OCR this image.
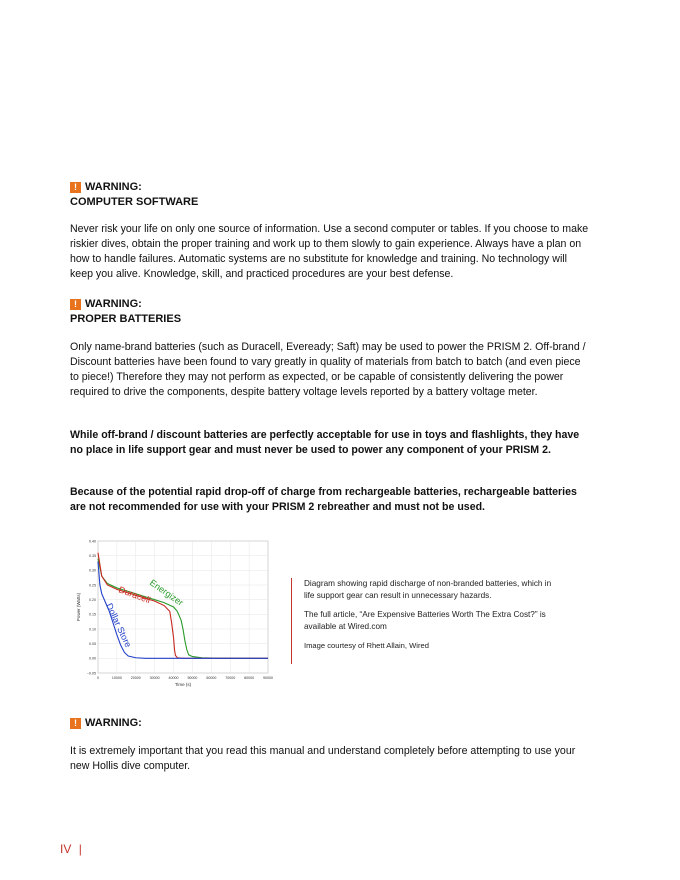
! WARNING:
COMPUTER SOFTWARE
Never risk your life on only one source of information. Use a second computer or tables. If you choose to make riskier dives, obtain the proper training and work up to them slowly to gain experience. Always have a plan on how to handle failures. Automatic systems are no substitute for knowledge and training. No technology will keep you alive. Knowledge, skill, and practiced procedures are your best defense.
! WARNING:
PROPER BATTERIES
Only name-brand batteries (such as Duracell, Eveready; Saft) may be used to power the PRISM 2. Off-brand / Discount batteries have been found to vary greatly in quality of materials from batch to batch (and even piece to piece!) Therefore they may not perform as expected, or be capable of consistently delivering the power required to drive the components, despite battery voltage levels reported by a battery voltage meter.
While off-brand / discount batteries are perfectly acceptable for use in toys and flashlights, they have no place in life support gear and must never be used to power any component of your PRISM 2.
Because of the potential rapid drop-off of charge from rechargeable batteries, rechargeable batteries are not recommended for use with your PRISM 2 rebreather and must not be used.
0	10000 20000 30000 40000 50000 60000 70000 80000 90000
−0.05
0.00
0.05
0.10
0.15
0.20
0.25
0.30
0.35
0.40
Time (s)
Power (Watts)	Energizer
Duracell
Dollar Store

Diagram showing rapid discharge of non-branded batteries, which in life support gear can result in unnecessary hazards.

The full article, “Are Expensive Batteries Worth The Extra Cost?” is available at Wired.com

Image courtesy of Rhett Allain, Wired

! WARNING:
It is extremely important that you read this manual and understand completely before attempting to use your new Hollis dive computer.
IV |
